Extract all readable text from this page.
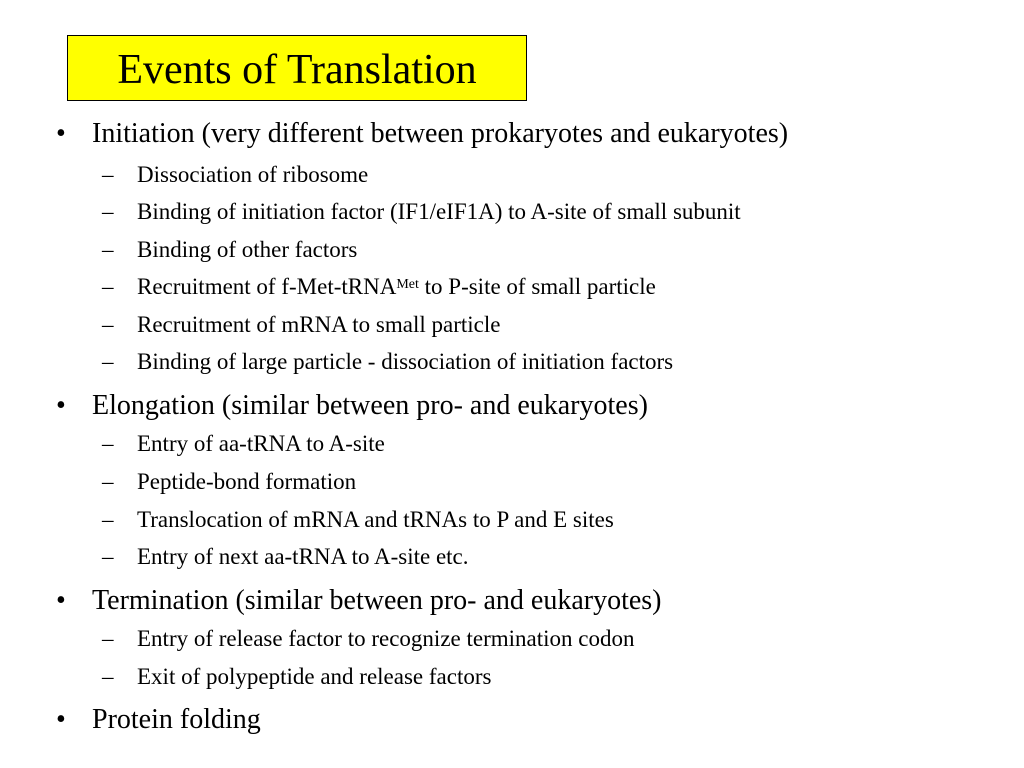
Events of Translation
• Initiation (very different between prokaryotes and eukaryotes)
– Dissociation of ribosome
– Binding of initiation factor (IF1/eIF1A) to A-site of small subunit
– Binding of other factors
– Recruitment of f-Met-tRNA$^{Met}$ to P-site of small particle
– Recruitment of mRNA to small particle
– Binding of large particle - dissociation of initiation factors
• Elongation (similar between pro- and eukaryotes)
– Entry of aa-tRNA to A-site
– Peptide-bond formation
– Translocation of mRNA and tRNAs to P and E sites
– Entry of next aa-tRNA to A-site etc.
• Termination (similar between pro- and eukaryotes)
– Entry of release factor to recognize termination codon
– Exit of polypeptide and release factors
• Protein folding
